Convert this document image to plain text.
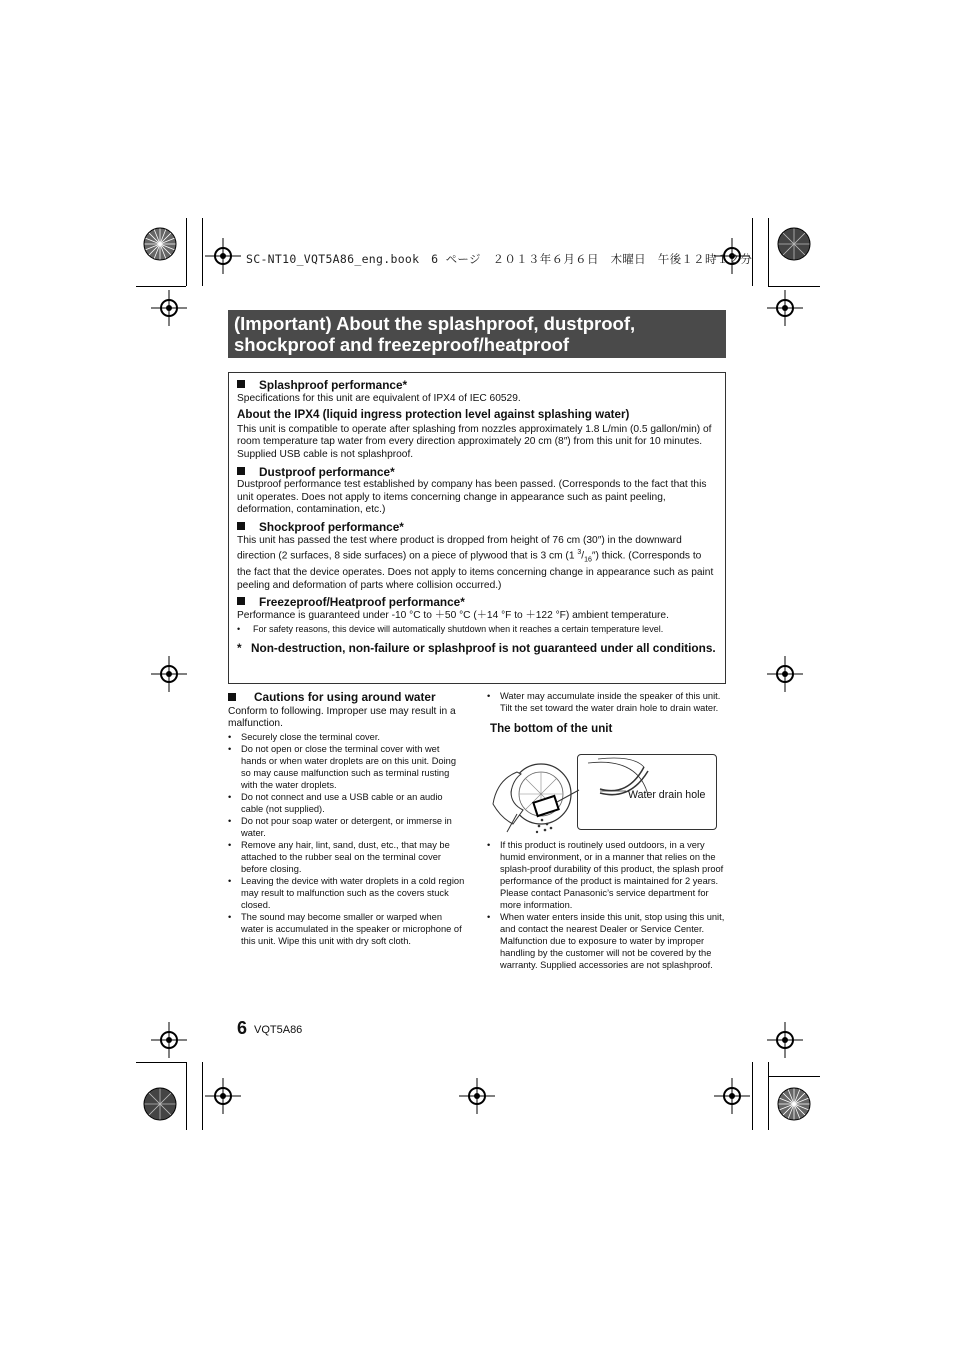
SC-NT10_VQT5A86_eng.book　6 ページ　２０１３年６月６日　木曜日　午後１２時１２分
(Important) About the splashproof, dustproof,
shockproof and freezeproof/heatproof
Splashproof performance*
Specifications for this unit are equivalent of IPX4 of IEC 60529.
About the IPX4 (liquid ingress protection level against splashing water)
This unit is compatible to operate after splashing from nozzles approximately 1.8 L/min (0.5 gallon/min) of room temperature tap water from every direction approximately 20 cm (8″) from this unit for 10 minutes. Supplied USB cable is not splashproof.
Dustproof performance*
Dustproof performance test established by company has been passed. (Corresponds to the fact that this unit operates. Does not apply to items concerning change in appearance such as paint peeling, deformation, contamination, etc.)
Shockproof performance*
This unit has passed the test where product is dropped from height of 76 cm (30″) in the downward direction (2 surfaces, 8 side surfaces) on a piece of plywood that is 3 cm (1 $^3/_{16}''$) thick. (Corresponds to the fact that the device operates. Does not apply to items concerning change in appearance such as paint peeling and deformation of parts where collision occurred.)
Freezeproof/Heatproof performance*
Performance is guaranteed under -10 °C to ＋50 °C (＋14 °F to ＋122 °F) ambient temperature.
• For safety reasons, this device will automatically shutdown when it reaches a certain temperature level.
* Non-destruction, non-failure or splashproof is not guaranteed under all conditions.
Cautions for using around water
Conform to following. Improper use may result in a malfunction.
• Securely close the terminal cover.
• Do not open or close the terminal cover with wet hands or when water droplets are on this unit. Doing so may cause malfunction such as terminal rusting with the water droplets.
• Do not connect and use a USB cable or an audio cable (not supplied).
• Do not pour soap water or detergent, or immerse in water.
• Remove any hair, lint, sand, dust, etc., that may be attached to the rubber seal on the terminal cover before closing.
• Leaving the device with water droplets in a cold region may result to malfunction such as the covers stuck closed.
• The sound may become smaller or warped when water is accumulated in the speaker or microphone of this unit. Wipe this unit with dry soft cloth.
• Water may accumulate inside the speaker of this unit. Tilt the set toward the water drain hole to drain water.
The bottom of the unit
Water drain hole
• If this product is routinely used outdoors, in a very humid environment, or in a manner that relies on the splash-proof durability of this product, the splash proof performance of the product is maintained for 2 years. Please contact Panasonic’s service department for more information.
• When water enters inside this unit, stop using this unit, and contact the nearest Dealer or Service Center. Malfunction due to exposure to water by improper handling by the customer will not be covered by the warranty. Supplied accessories are not splashproof.
6 VQT5A86
